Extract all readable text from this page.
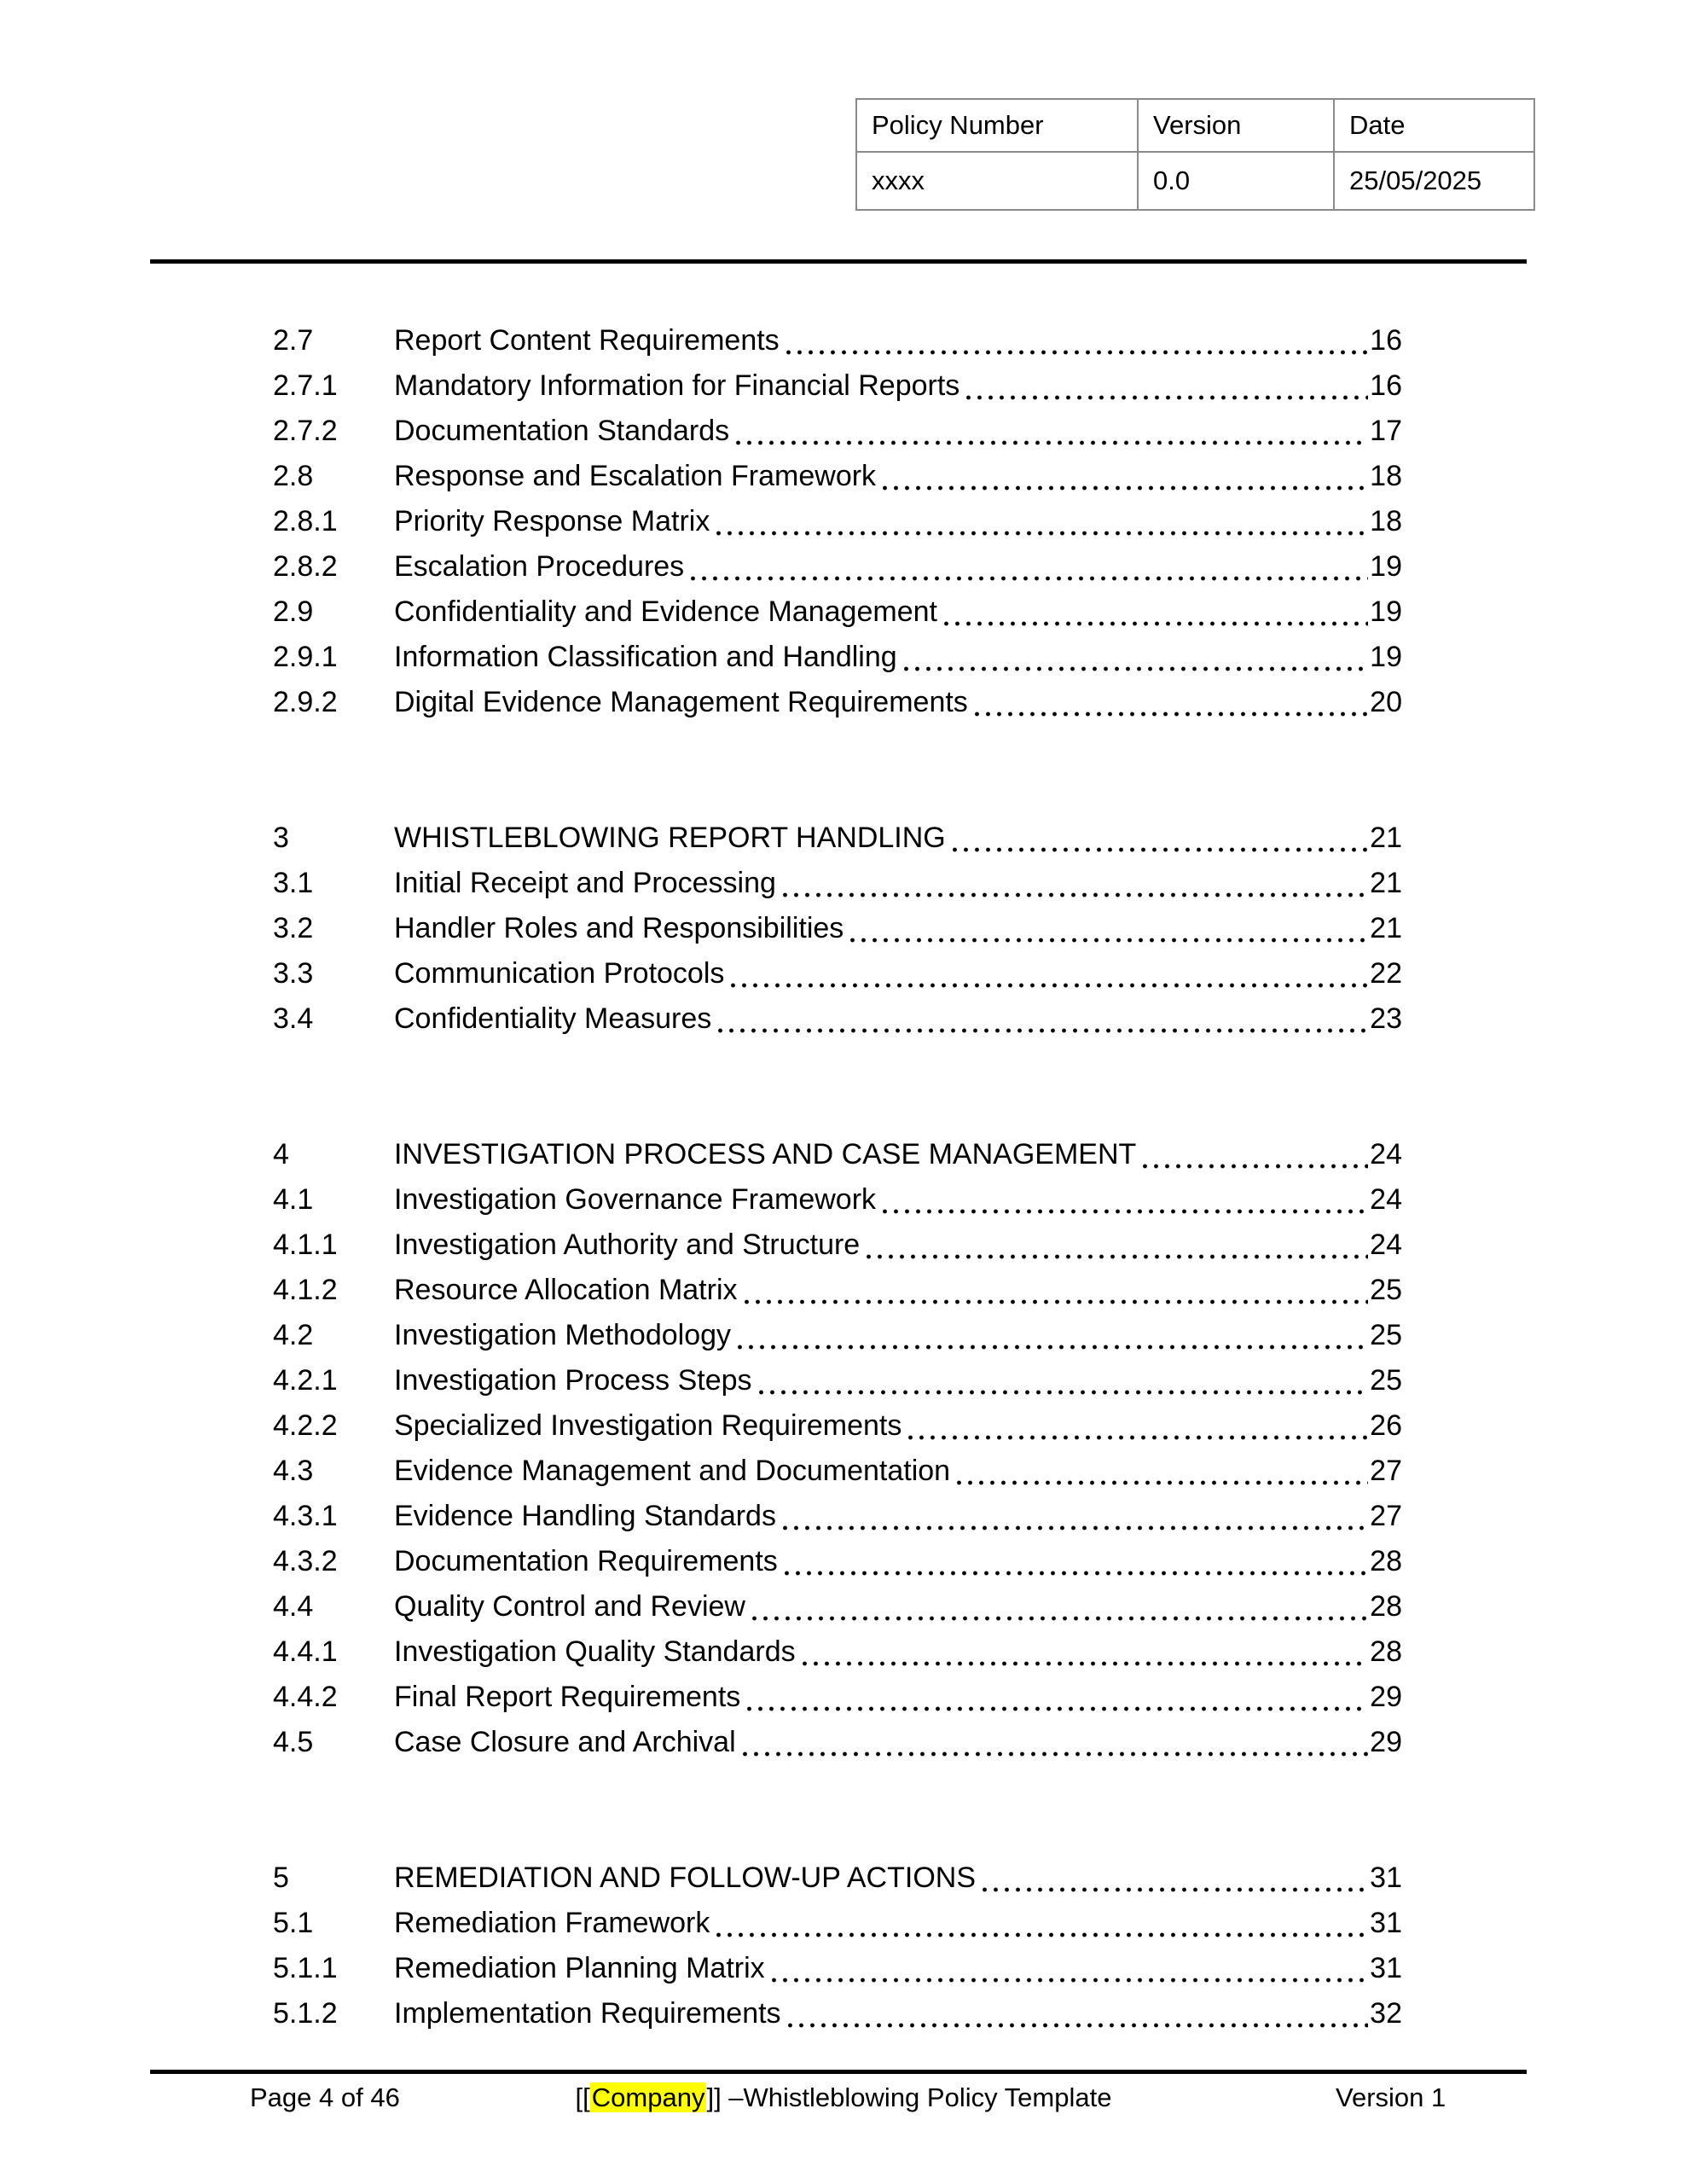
Policy Number	Version	Date
xxxx	0.0	25/05/2025
2.7	Report Content Requirements	16
2.7.1	Mandatory Information for Financial Reports	16
2.7.2	Documentation Standards	17
2.8	Response and Escalation Framework	18
2.8.1	Priority Response Matrix	18
2.8.2	Escalation Procedures	19
2.9	Confidentiality and Evidence Management	19
2.9.1	Information Classification and Handling	19
2.9.2	Digital Evidence Management Requirements	20
3	WHISTLEBLOWING REPORT HANDLING	21
3.1	Initial Receipt and Processing	21
3.2	Handler Roles and Responsibilities	21
3.3	Communication Protocols	22
3.4	Confidentiality Measures	23
4	INVESTIGATION PROCESS AND CASE MANAGEMENT	24
4.1	Investigation Governance Framework	24
4.1.1	Investigation Authority and Structure	24
4.1.2	Resource Allocation Matrix	25
4.2	Investigation Methodology	25
4.2.1	Investigation Process Steps	25
4.2.2	Specialized Investigation Requirements	26
4.3	Evidence Management and Documentation	27
4.3.1	Evidence Handling Standards	27
4.3.2	Documentation Requirements	28
4.4	Quality Control and Review	28
4.4.1	Investigation Quality Standards	28
4.4.2	Final Report Requirements	29
4.5	Case Closure and Archival	29
5	REMEDIATION AND FOLLOW-UP ACTIONS	31
5.1	Remediation Framework	31
5.1.1	Remediation Planning Matrix	31
5.1.2	Implementation Requirements	32
Page 4 of 46	[[Company]] –Whistleblowing Policy Template	Version 1
